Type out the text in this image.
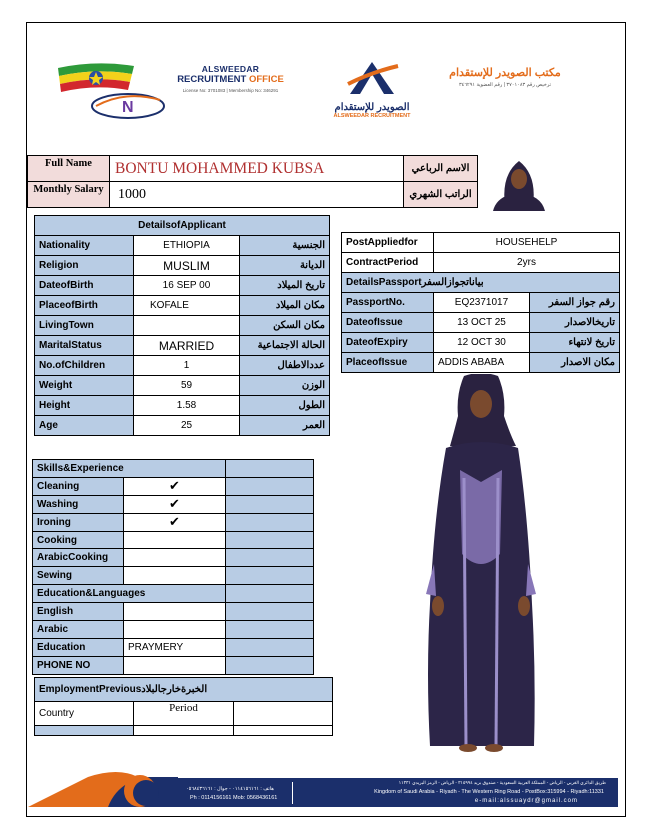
N
ALSWEEDAR
RECRUITMENT OFFICE
License No: 3701083 | Membership No: 346291
الصويدر للإستقدام
ALSWEEDAR RECRUITMENT
مكتب الصويدر للإستقدام
ترخيص رقم ٣٧٠١٠٨٣ | رقم العضوية ٣٤٦٢٩١
Full Name	BONTU MOHAMMED KUBSA	الاسم الرباعي
Monthly Salary	1000	الراتب الشهري
DetailsofApplicant		
Nationality	ETHIOPIA	الجنسية
Religion	MUSLIM	الديانة
DateofBirth	16 SEP 00	تاريخ الميلاد
PlaceofBirth	KOFALE	مكان الميلاد
LivingTown		مكان السكن
MaritalStatus	MARRIED	الحالة الاجتماعية
No.ofChildren	1	عددالاطفال
Weight	59	الوزن
Height	1.58	الطول
Age	25	العمر
PostAppliedfor	HOUSEHELP	
ContractPeriod	2yrs	
DetailsPassportبياناتجوازالسفر		
PassportNo.	EQ2371017	رقم جواز السفر
DateofIssue	13 OCT 25	تاريخالاصدار
DateofExpiry	12 OCT 30	تاريخ لانتهاء
PlaceofIssue	ADDIS ABABA	مكان الاصدار
Skills&Experience		
Cleaning	✔	
Washing	✔	
Ironing	✔	
Cooking		
ArabicCooking		
Sewing		
Education&Languages		
English		
Arabic		
Education	PRAYMERY	
PHONE NO		
EmploymentPreviousالخبرةخارجالبلاد		
Country	Period	

طريق الدائري الغربي - الرياض - المملكة العربية السعودية - صندوق بريد ٣١٥٩٩٤ - الرياض - الرمز البريدي ١١٣٣١
Kingdom of Saudi Arabia - Riyadh - The Western Ring Road - PostBox:315994 - Riyadh:11331
e-mail:alssuaydr@gmail.com
هاتف : ٠١١٤١٥٦١٦١ - جوال : ٠٥٦٨٤٣٦١٦١
Ph : 0114156161 Mob: 0568436161
